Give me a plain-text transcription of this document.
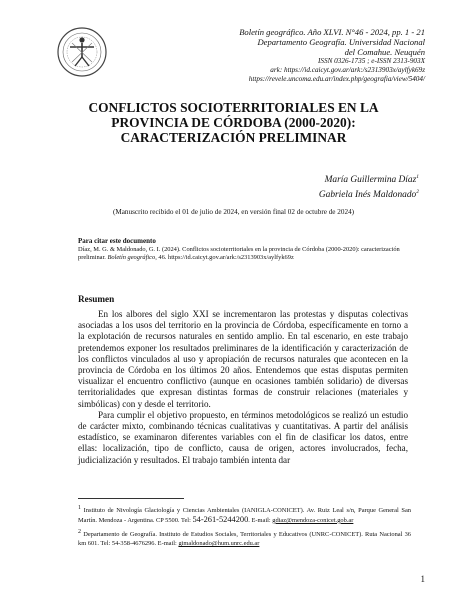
Boletín geográfico. Año XLVI. N°46 - 2024, pp. 1 - 21
Departamento Geografía. Universidad Nacional
del Comahue. Neuquén
ISSN 0326-1735 ; e-ISSN 2313-903X
ark: https://id.caicyt.gov.ar/ark:/s2313903x/aylfyk69z
https://revele.uncoma.edu.ar/index.php/geografia/view/5404/
CONFLICTOS SOCIOTERRITORIALES EN LA
PROVINCIA DE CÓRDOBA (2000-2020):
CARACTERIZACIÓN PRELIMINAR
María Guillermina Díaz$^1$
Gabriela Inés Maldonado$^2$
(Manuscrito recibido el 01 de julio de 2024, en versión final 02 de octubre de 2024)
Para citar este documento
Díaz, M. G. & Maldonado, G. I. (2024). Conflictos socioterritoriales en la provincia de Córdoba (2000-2020): caracterización preliminar. Boletín geográfico, 46. https://id.caicyt.gov.ar/ark:/s2313903x/aylfyk69z
Resumen

En los albores del siglo XXI se incrementaron las protestas y disputas colectivas asociadas a los usos del territorio en la provincia de Córdoba, específicamente en torno a la explotación de recursos naturales en sentido amplio. En tal escenario, en este trabajo pretendemos exponer los resultados preliminares de la identificación y caracterización de los conflictos vinculados al uso y apropiación de recursos naturales que acontecen en la provincia de Córdoba en los últimos 20 años. Entendemos que estas disputas permiten visualizar el encuentro conflictivo (aunque en ocasiones también solidario) de diversas territorialidades que expresan distintas formas de construir relaciones (materiales y simbólicas) con y desde el territorio.

Para cumplir el objetivo propuesto, en términos metodológicos se realizó un estudio de carácter mixto, combinando técnicas cualitativas y cuantitativas. A partir del análisis estadístico, se examinaron diferentes variables con el fin de clasificar los datos, entre ellas: localización, tipo de conflicto, causa de origen, actores involucrados, fecha, judicialización y resultados. El trabajo también intenta dar

$^1$ Instituto de Nivología Glaciología y Ciencias Ambientales (IANIGLA-CONICET). Av. Ruiz Leal s/n, Parque General San Martín. Mendoza - Argentina. CP 5500. Tel: 54-261-5244200. E-mail: gdiaz@mendoza-conicet.gob.ar

$^2$ Departamento de Geografía. Instituto de Estudios Sociales, Territoriales y Educativos (UNRC-CONICET). Ruta Nacional 36 km 601. Tel: 54-358-4676296. E-mail: gimaldonado@hum.unrc.edu.ar

1
